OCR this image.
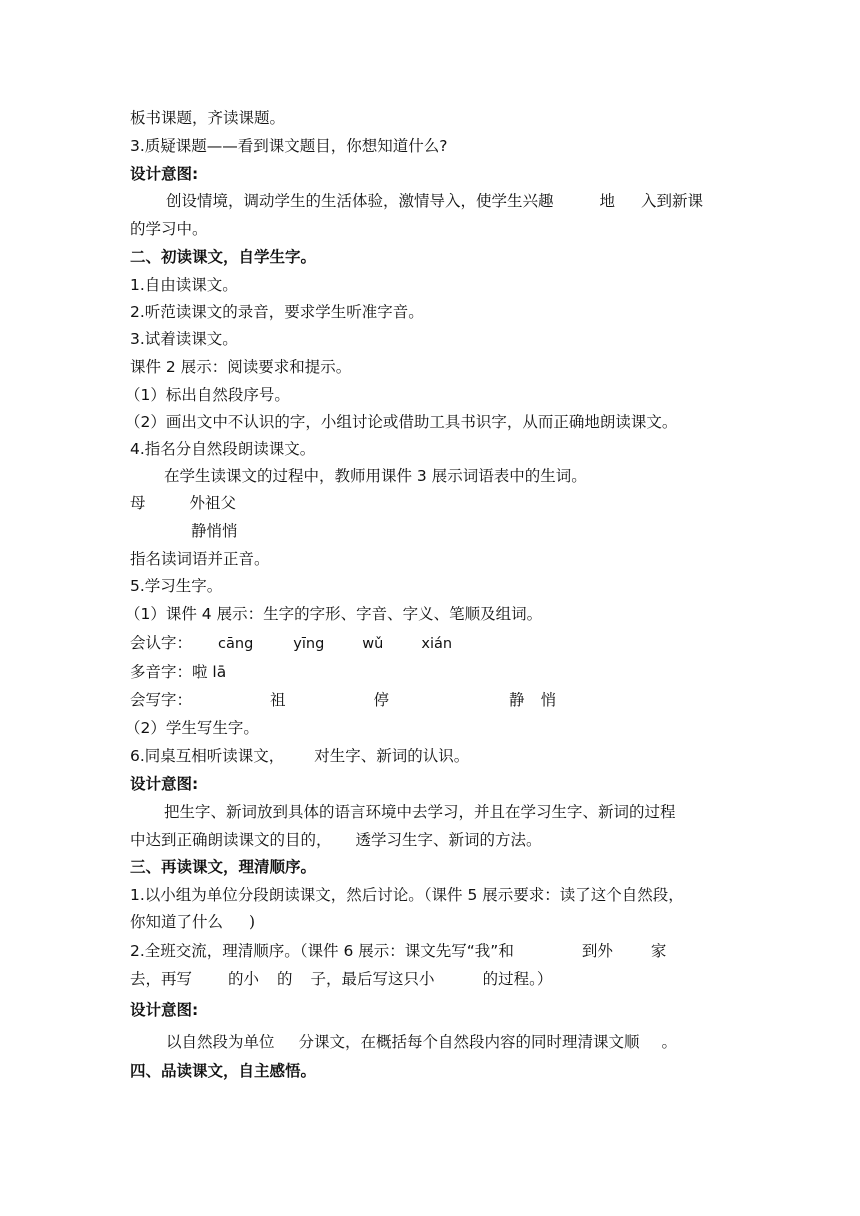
板书课题，齐读课题。
3.质疑课题——看到课文题目，你想知道什么?
设计意图:
创设情境，调动学生的生活体验，激情导入，使学生兴趣	地 入到新课
的学习中。
二、初读课文，自学生字。
1.自由读课文。
2.听范读课文的录音，要求学生听准字音。
3.试着读课文。
课件 2 展示：阅读要求和提示。
（1）标出自然段序号。
（2）画出文中不认识的字，小组讨论或借助工具书识字，从而正确地朗读课文。
4.指名分自然段朗读课文。
在学生读课文的过程中，教师用课件 3 展示词语表中的生词。
母	外祖父
静悄悄
指名读词语并正音。
5.学习生字。
（1）课件 4 展示：生字的字形、字音、字义、笔顺及组词。
会认字： cāng	yīng	wǔ	xián
多音字：啦 lā
会写字：	祖	停	静 悄
（2）学生写生字。
6.同桌互相听读课文， 对生字、新词的认识。
设计意图:
把生字、新词放到具体的语言环境中去学习，并且在学习生字、新词的过程
中达到正确朗读课文的目的， 透学习生字、新词的方法。
三、再读课文，理清顺序。
1.以小组为单位分段朗读课文，然后讨论。（课件 5 展示要求：读了这个自然段，
你知道了什么 )
2.全班交流，理清顺序。（课件 6 展示：课文先写“我”和	到外 家
去，再写 的小 的 子，最后写这只小	的过程。）
设计意图:
以自然段为单位 分课文，在概括每个自然段内容的同时理清课文顺 。
四、品读课文，自主感悟。
